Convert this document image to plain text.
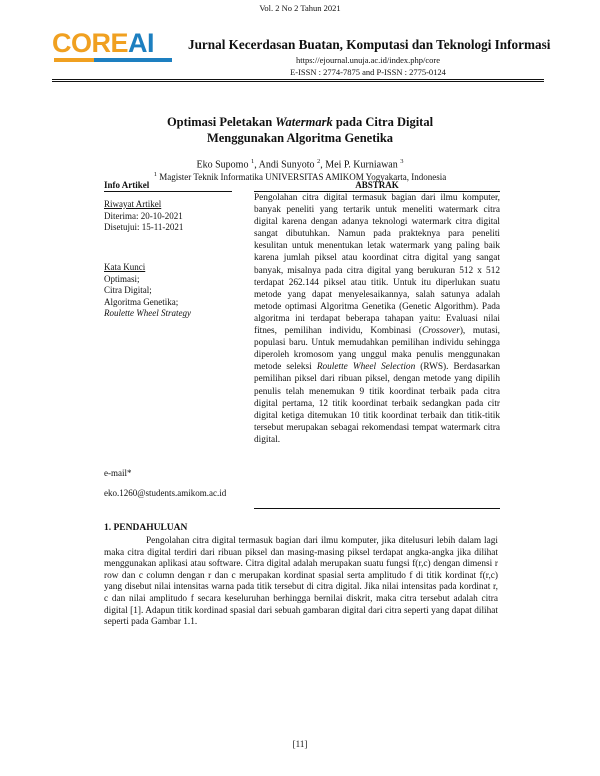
Vol. 2 No 2 Tahun 2021
COREAI	Jurnal Kecerdasan Buatan, Komputasi dan Teknologi Informasi
https://ejournal.unuja.ac.id/index.php/core
E-ISSN : 2774-7875 and P-ISSN : 2775-0124
Optimasi Peletakan Watermark pada Citra Digital
Menggunakan Algoritma Genetika
Eko Supomo $^1$, Andi Sunyoto $^2$, Mei P. Kurniawan $^3$
$^1$ Magister Teknik Informatika UNIVERSITAS AMIKOM Yogyakarta, Indonesia
Info Artikel	ABSTRAK
Riwayat Artikel
Diterima: 20-10-2021
Disetujui: 15-11-2021
Kata Kunci
Optimasi;
Citra Digital;
Algoritma Genetika;
Roulette Wheel Strategy
e-mail*
eko.1260@students.amikom.ac.id
Pengolahan citra digital termasuk bagian dari ilmu komputer, banyak peneliti yang tertarik untuk meneliti watermark citra digital karena dengan adanya teknologi watermark citra digital sangat dibutuhkan. Namun pada prakteknya para peneliti kesulitan untuk menentukan letak watermark yang paling baik karena jumlah piksel atau koordinat citra digital yang sangat banyak, misalnya pada citra digital yang berukuran 512 x 512 terdapat 262.144 piksel atau titik. Untuk itu diperlukan suatu metode yang dapat menyelesaikannya, salah satunya adalah metode optimasi Algoritma Genetika (Genetic Algorithm). Pada algoritma ini terdapat beberapa tahapan yaitu: Evaluasi nilai fitnes, pemilihan individu, Kombinasi (Crossover), mutasi, populasi baru. Untuk memudahkan pemilihan individu sehingga diperoleh kromosom yang unggul maka penulis menggunakan metode seleksi Roulette Wheel Selection (RWS). Berdasarkan pemilihan piksel dari ribuan piksel, dengan metode yang dipilih penulis telah menemukan 9 titik koordinat terbaik pada citra digital pertama, 12 titik koordinat terbaik sedangkan pada citr digital ketiga ditemukan 10 titik koordinat terbaik dan titik-titik tersebut merupakan sebagai rekomendasi tempat watermark citra digital.
1. PENDAHULUAN

Pengolahan citra digital termasuk bagian dari ilmu komputer, jika ditelusuri lebih dalam lagi maka citra digital terdiri dari ribuan piksel dan masing-masing piksel terdapat angka-angka jika dilihat menggunakan aplikasi atau software. Citra digital adalah merupakan suatu fungsi f(r,c) dengan dimensi r row dan c column dengan r dan c merupakan kordinat spasial serta amplitudo f di titik kordinat f(r,c) yang disebut nilai intensitas warna pada titik tersebut di citra digital. Jika nilai intensitas pada kordinat r, c dan nilai amplitudo f secara keseluruhan berhingga bernilai diskrit, maka citra tersebut adalah citra digital [1]. Adapun titik kordinad spasial dari sebuah gambaran digital dari citra seperti yang dapat dilihat seperti pada Gambar 1.1.

[11]
